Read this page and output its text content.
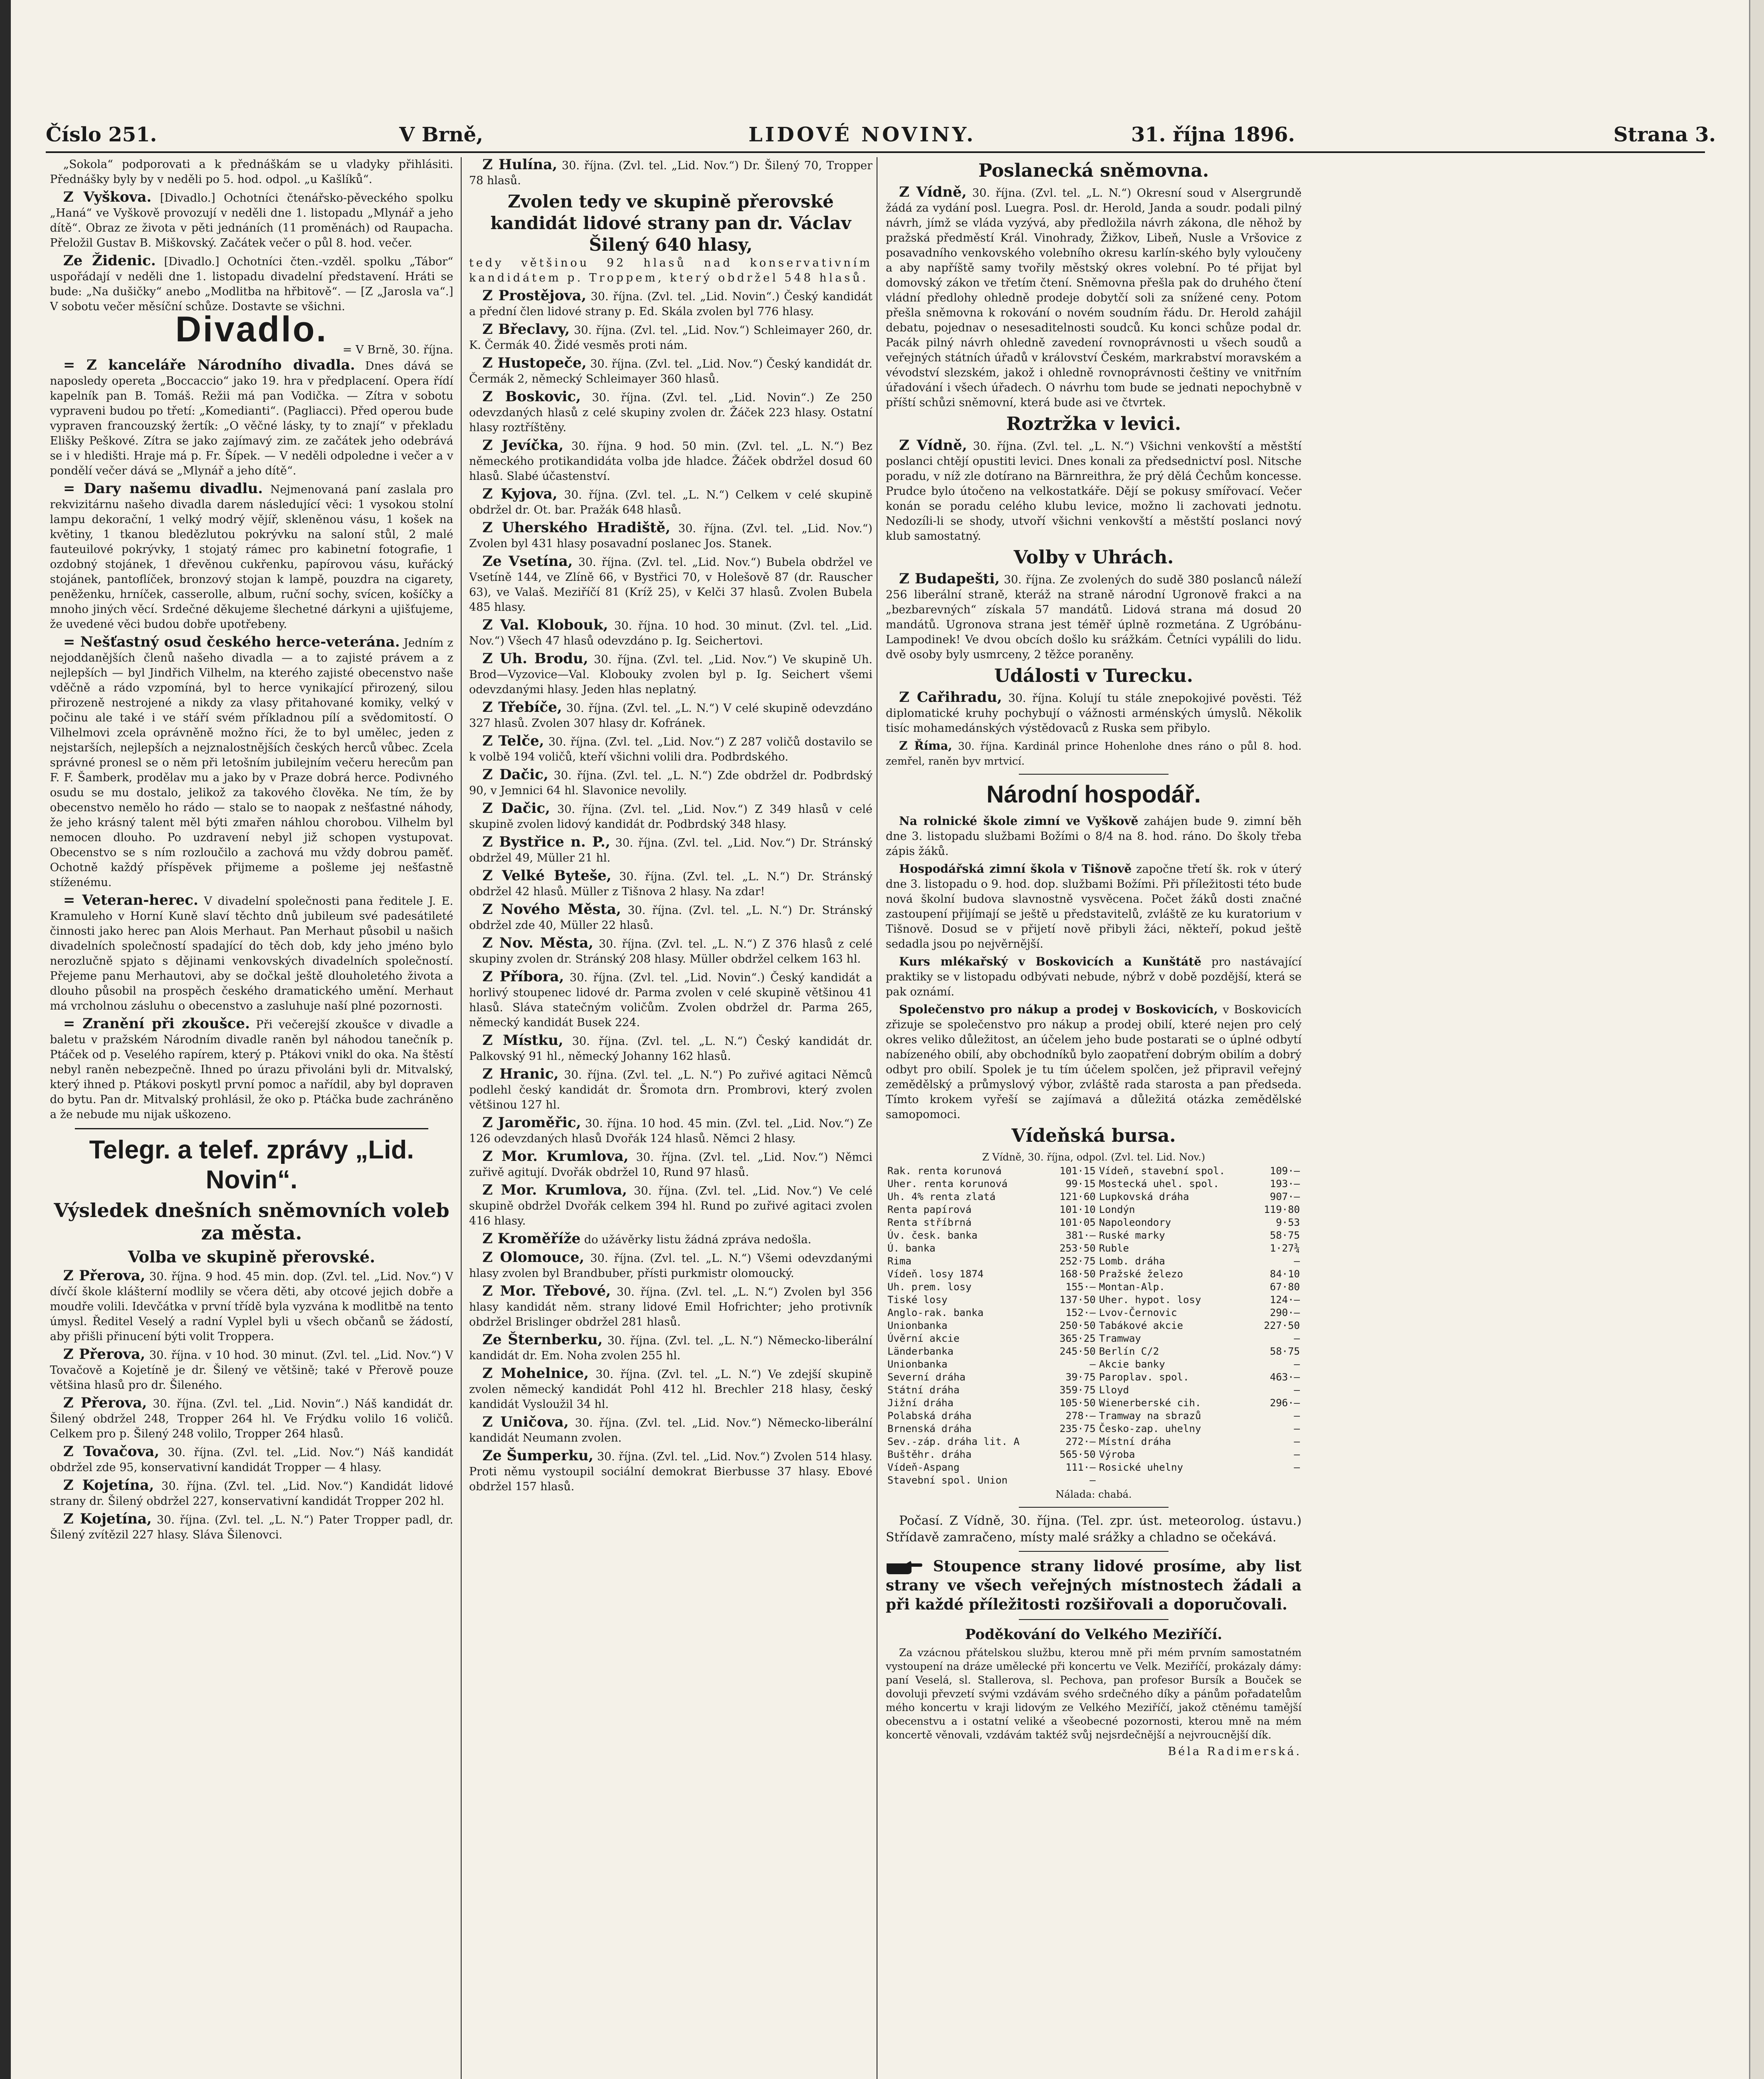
Číslo 251.	V Brně,	LIDOVÉ NOVINY.	31. října 1896.	Strana 3.
„Sokola“ podporovati a k přednáškám se u vladyky přihlásiti. Přednášky byly by v neděli po 5. hod. odpol. „u Kašlíků“.
Z Vyškova. [Divadlo.] Ochotníci čtenářsko-pěveckého spolku „Haná“ ve Vyškově provozují v neděli dne 1. listopadu „Mlynář a jeho dítě“. Obraz ze života v pěti jednáních (11 proměnách) od Raupacha. Přeložil Gustav B. Miškovský. Začátek večer o půl 8. hod. večer.
Ze Židenic. [Divadlo.] Ochotníci čten.-vzděl. spolku „Tábor“ uspořádají v neděli dne 1. listopadu divadelní představení. Hráti se bude: „Na dušičky“ anebo „Modlitba na hřbitově“. — [Z „Jarosla va“.] V sobotu večer měsíční schůze. Dostavte se všichni.
Divadlo.
= V Brně, 30. října.
= Z kanceláře Národního divadla. Dnes dává se naposledy opereta „Boccaccio“ jako 19. hra v předplacení. Opera řídí kapelník pan B. Tomáš. Režii má pan Vodička. — Zítra v sobotu vypraveni budou po třetí: „Komedianti“. (Pagliacci). Před operou bude vypraven francouzský žertík: „O věčné lásky, ty to znají“ v překladu Elišky Peškové. Zítra se jako zajímavý zim. ze začátek jeho odebrává se i v hledišti. Hraje má p. Fr. Šípek. — V neděli odpoledne i večer a v pondělí večer dává se „Mlynář a jeho dítě“.
= Dary našemu divadlu. Nejmenovaná paní zaslala pro rekvizitárnu našeho divadla darem následující věci: 1 vysokou stolní lampu dekorační, 1 velký modrý vějíř, skleněnou vásu, 1 košek na květiny, 1 tkanou bledězlutou pokrývku na saloní stůl, 2 malé fauteuilové pokrývky, 1 stojatý rámec pro kabinetní fotografie, 1 ozdobný stojánek, 1 dřevěnou cukřenku, papírovou vásu, kuřácký stojánek, pantoflíček, bronzový stojan k lampě, pouzdra na cigarety, peněženku, hrníček, casserolle, album, ruční sochy, svícen, košíčky a mnoho jiných věcí. Srdečné děkujeme šlechetné dárkyni a ujišťujeme, že uvedené věci budou dobře upotřebeny.
= Nešťastný osud českého herce-veterána. Jedním z nejoddanějších členů našeho divadla — a to zajisté právem a z nejlepších — byl Jindřich Vilhelm, na kterého zajisté obecenstvo naše vděčně a rádo vzpomíná, byl to herce vynikající přirozený, silou přirozeně nestrojené a nikdy za vlasy přitahované komiky, velký v počinu ale také i ve stáří svém příkladnou pílí a svědomitostí. O Vilhelmovi zcela oprávněně možno říci, že to byl umělec, jeden z nejstarších, nejlepších a nejznalostnějších českých herců vůbec. Zcela správné pronesl se o něm při letošním jubilejním večeru herecům pan F. F. Šamberk, prodělav mu a jako by v Praze dobrá herce. Podivného osudu se mu dostalo, jelikož za takového člověka. Ne tím, že by obecenstvo nemělo ho rádo — stalo se to naopak z nešťastné náhody, že jeho krásný talent měl býti zmařen náhlou chorobou. Vilhelm byl nemocen dlouho. Po uzdravení nebyl již schopen vystupovat. Obecenstvo se s ním rozloučilo a zachová mu vždy dobrou paměť. Ochotně každý příspěvek přijmeme a pošleme jej nešťastně stíženému.
= Veteran-herec. V divadelní společnosti pana ředitele J. E. Kramuleho v Horní Kuně slaví těchto dnů jubileum své padesátileté činnosti jako herec pan Alois Merhaut. Pan Merhaut působil u našich divadelních společností spadající do těch dob, kdy jeho jméno bylo nerozlučně spjato s dějinami venkovských divadelních společností. Přejeme panu Merhautovi, aby se dočkal ještě dlouholetého života a dlouho působil na prospěch českého dramatického umění. Merhaut má vrcholnou zásluhu o obecenstvo a zasluhuje naší plné pozornosti.
= Zranění při zkoušce. Při večerejší zkoušce v divadle a baletu v pražském Národním divadle raněn byl náhodou tanečník p. Ptáček od p. Veselého rapírem, který p. Ptákovi vnikl do oka. Na štěstí nebyl raněn nebezpečně. Ihned po úrazu přivoláni byli dr. Mitvalský, který ihned p. Ptákovi poskytl první pomoc a nařídil, aby byl dopraven do bytu. Pan dr. Mitvalský prohlásil, že oko p. Ptáčka bude zachráněno a že nebude mu nijak uškozeno.
Telegr. a telef. zprávy „Lid. Novin“.
Výsledek dnešních sněmovních voleb za města.
Volba ve skupině přerovské.
Z Přerova, 30. října. 9 hod. 45 min. dop. (Zvl. tel. „Lid. Nov.“) V dívčí škole klášterní modlily se včera děti, aby otcové jejich dobře a moudře volili. Idevčátka v první třídě byla vyzvána k modlitbě na tento úmysl. Ředitel Veselý a radní Vyplel byli u všech občanů se žádostí, aby přišli přinucení býti volit Troppera.
Z Přerova, 30. října. v 10 hod. 30 minut. (Zvl. tel. „Lid. Nov.“) V Tovačově a Kojetíně je dr. Šilený ve většině; také v Přerově pouze většina hlasů pro dr. Šileného.
Z Přerova, 30. října. (Zvl. tel. „Lid. Novin“.) Náš kandidát dr. Šilený obdržel 248, Tropper 264 hl. Ve Frýdku volilo 16 voličů. Celkem pro p. Šilený 248 volilo, Tropper 264 hlasů.
Z Tovačova, 30. října. (Zvl. tel. „Lid. Nov.“) Náš kandidát obdržel zde 95, konservativní kandidát Tropper — 4 hlasy.
Z Kojetína, 30. října. (Zvl. tel. „Lid. Nov.“) Kandidát lidové strany dr. Šilený obdržel 227, konservativní kandidát Tropper 202 hl.
Z Kojetína, 30. října. (Zvl. tel. „L. N.“) Pater Tropper padl, dr. Šilený zvítězil 227 hlasy. Sláva Šilenovci.
Z Hulína, 30. října. (Zvl. tel. „Lid. Nov.“) Dr. Šilený 70, Tropper 78 hlasů.
Zvolen tedy ve skupině přerovské kandidát lidové strany pan dr. Václav Šilený 640 hlasy,
tedy většinou 92 hlasů nad konservativním kandidátem p. Troppem, který obdržel 548 hlasů.
Z Prostějova, 30. října. (Zvl. tel. „Lid. Novin“.) Český kandidát a přední člen lidové strany p. Ed. Skála zvolen byl 776 hlasy.
Z Břeclavy, 30. října. (Zvl. tel. „Lid. Nov.“) Schleimayer 260, dr. K. Čermák 40. Židé vesměs proti nám.
Z Hustopeče, 30. října. (Zvl. tel. „Lid. Nov.“) Český kandidát dr. Čermák 2, německý Schleimayer 360 hlasů.
Z Boskovic, 30. října. (Zvl. tel. „Lid. Novin“.) Ze 250 odevzdaných hlasů z celé skupiny zvolen dr. Žáček 223 hlasy. Ostatní hlasy roztříštěny.
Z Jevíčka, 30. října. 9 hod. 50 min. (Zvl. tel. „L. N.“) Bez německého protikandidáta volba jde hladce. Žáček obdržel dosud 60 hlasů. Slabé účastenství.
Z Kyjova, 30. října. (Zvl. tel. „L. N.“) Celkem v celé skupině obdržel dr. Ot. bar. Pražák 648 hlasů.
Z Uherského Hradiště, 30. října. (Zvl. tel. „Lid. Nov.“) Zvolen byl 431 hlasy posavadní poslanec Jos. Stanek.
Ze Vsetína, 30. října. (Zvl. tel. „Lid. Nov.“) Bubela obdržel ve Vsetíně 144, ve Zlíně 66, v Bystřici 70, v Holešově 87 (dr. Rauscher 63), ve Valaš. Meziříčí 81 (Kríž 25), v Kelči 37 hlasů. Zvolen Bubela 485 hlasy.
Z Val. Klobouk, 30. října. 10 hod. 30 minut. (Zvl. tel. „Lid. Nov.“) Všech 47 hlasů odevzdáno p. Ig. Seichertovi.
Z Uh. Brodu, 30. října. (Zvl. tel. „Lid. Nov.“) Ve skupině Uh. Brod—Vyzovice—Val. Klobouky zvolen byl p. Ig. Seichert všemi odevzdanými hlasy. Jeden hlas neplatný.
Z Třebíče, 30. října. (Zvl. tel. „L. N.“) V celé skupině odevzdáno 327 hlasů. Zvolen 307 hlasy dr. Kofránek.
Z Telče, 30. října. (Zvl. tel. „Lid. Nov.“) Z 287 voličů dostavilo se k volbě 194 voličů, kteří všichni volili dra. Podbrdského.
Z Dačic, 30. října. (Zvl. tel. „L. N.“) Zde obdržel dr. Podbrdský 90, v Jemnici 64 hl. Slavonice nevolily.
Z Dačic, 30. října. (Zvl. tel. „Lid. Nov.“) Z 349 hlasů v celé skupině zvolen lidový kandidát dr. Podbrdský 348 hlasy.
Z Bystřice n. P., 30. října. (Zvl. tel. „Lid. Nov.“) Dr. Stránský obdržel 49, Müller 21 hl.
Z Velké Byteše, 30. října. (Zvl. tel. „L. N.“) Dr. Stránský obdržel 42 hlasů. Müller z Tišnova 2 hlasy. Na zdar!
Z Nového Města, 30. října. (Zvl. tel. „L. N.“) Dr. Stránský obdržel zde 40, Müller 22 hlasů.
Z Nov. Města, 30. října. (Zvl. tel. „L. N.“) Z 376 hlasů z celé skupiny zvolen dr. Stránský 208 hlasy. Müller obdržel celkem 163 hl.
Z Příbora, 30. října. (Zvl. tel. „Lid. Novin“.) Český kandidát a horlivý stoupenec lidové dr. Parma zvolen v celé skupině většinou 41 hlasů. Sláva statečným voličům. Zvolen obdržel dr. Parma 265, německý kandidát Busek 224.
Z Místku, 30. října. (Zvl. tel. „L. N.“) Český kandidát dr. Palkovský 91 hl., německý Johanny 162 hlasů.
Z Hranic, 30. října. (Zvl. tel. „L. N.“) Po zuřivé agitaci Němců podlehl český kandidát dr. Šromota drn. Prombrovi, který zvolen většinou 127 hl.
Z Jaroměřic, 30. října. 10 hod. 45 min. (Zvl. tel. „Lid. Nov.“) Ze 126 odevzdaných hlasů Dvořák 124 hlasů. Němci 2 hlasy.
Z Mor. Krumlova, 30. října. (Zvl. tel. „Lid. Nov.“) Němci zuřivě agitují. Dvořák obdržel 10, Rund 97 hlasů.
Z Mor. Krumlova, 30. října. (Zvl. tel. „Lid. Nov.“) Ve celé skupině obdržel Dvořák celkem 394 hl. Rund po zuřivé agitaci zvolen 416 hlasy.
Z Kroměříže do užávěrky listu žádná zpráva nedošla.
Z Olomouce, 30. října. (Zvl. tel. „L. N.“) Všemi odevzdanými hlasy zvolen byl Brandbuber, přísti purkmistr olomoucký.
Z Mor. Třebové, 30. října. (Zvl. tel. „L. N.“) Zvolen byl 356 hlasy kandidát něm. strany lidové Emil Hofrichter; jeho protivník obdržel Brislinger obdržel 281 hlasů.
Ze Šternberku, 30. října. (Zvl. tel. „L. N.“) Německo-liberální kandidát dr. Em. Noha zvolen 255 hl.
Z Mohelnice, 30. října. (Zvl. tel. „L. N.“) Ve zdejší skupině zvolen německý kandidát Pohl 412 hl. Brechler 218 hlasy, český kandidát Vysloužil 34 hl.
Z Uničova, 30. října. (Zvl. tel. „Lid. Nov.“) Německo-liberální kandidát Neumann zvolen.
Ze Šumperku, 30. října. (Zvl. tel. „Lid. Nov.“) Zvolen 514 hlasy. Proti němu vystoupil sociální demokrat Bierbusse 37 hlasy. Ebové obdržel 157 hlasů.
Poslanecká sněmovna.
Z Vídně, 30. října. (Zvl. tel. „L. N.“) Okresní soud v Alsergrundě žádá za vydání posl. Luegra. Posl. dr. Herold, Janda a soudr. podali pilný návrh, jímž se vláda vyzývá, aby předložila návrh zákona, dle něhož by pražská předměstí Král. Vinohrady, Žižkov, Libeň, Nusle a Vršovice z posavadního venkovského volebního okresu karlín-ského byly vyloučeny a aby napříště samy tvořily městský okres volební. Po té přijat byl domovský zákon ve třetím čtení. Sněmovna přešla pak do druhého čtení vládní předlohy ohledně prodeje dobytčí soli za snížené ceny. Potom přešla sněmovna k rokování o novém soudním řádu. Dr. Herold zahájil debatu, pojednav o nesesaditelnosti soudců. Ku konci schůze podal dr. Pacák pilný návrh ohledně zavedení rovnoprávnosti u všech soudů a veřejných státních úřadů v království Českém, markrabství moravském a vévodství slezském, jakož i ohledně rovnoprávnosti češtiny ve vnitřním úřadování i všech úřadech. O návrhu tom bude se jednati nepochybně v příští schůzi sněmovní, která bude asi ve čtvrtek.
Roztržka v levici.
Z Vídně, 30. října. (Zvl. tel. „L. N.“) Všichni venkovští a městští poslanci chtějí opustiti levici. Dnes konali za předsednictví posl. Nitsche poradu, v níž zle dotírano na Bärnreithra, že prý dělá Čechům koncesse. Prudce bylo útočeno na velkostatkáře. Dějí se pokusy smířovací. Večer konán se poradu celého klubu levice, možno li zachovati jednotu. Nedozíli-li se shody, utvoří všichni venkovští a městští poslanci nový klub samostatný.
Volby v Uhrách.
Z Budapešti, 30. října. Ze zvolených do sudě 380 poslanců náleží 256 liberální straně, kteráž na straně národní Ugronově frakci a na „bezbarevných“ získala 57 mandátů. Lidová strana má dosud 20 mandátů. Ugronova strana jest téměř úplně rozmetána. Z Ugróbánu-Lampodinek! Ve dvou obcích došlo ku srážkám. Četníci vypálili do lidu. dvě osoby byly usmrceny, 2 těžce poraněny.
Události v Turecku.
Z Cařihradu, 30. října. Kolují tu stále znepokojivé pověsti. Též diplomatické kruhy pochybují o vážnosti arménských úmyslů. Několik tisíc mohamedánských výstědovaců z Ruska sem přibylo.
Z Říma, 30. října. Kardinál prince Hohenlohe dnes ráno o půl 8. hod. zemřel, raněn byv mrtvicí.
Národní hospodář.
Na rolnické škole zimní ve Vyškově zahájen bude 9. zimní běh dne 3. listopadu službami Božími o 8/4 na 8. hod. ráno. Do školy třeba zápis žáků.
Hospodářská zimní škola v Tišnově započne třetí šk. rok v úterý dne 3. listopadu o 9. hod. dop. službami Božími. Při příležitosti této bude nová školní budova slavnostně vysvěcena. Počet žáků dosti značné zastoupení přijímají se ještě u představitelů, zvláště ze ku kuratorium v Tišnově. Dosud se v přijetí nově přibyli žáci, někteří, pokud ještě sedadla jsou po nejvěrnější.
Kurs mlékařský v Boskovicích a Kunštátě pro nastávající praktiky se v listopadu odbývati nebude, nýbrž v době pozdější, která se pak oznámí.
Společenstvo pro nákup a prodej v Boskovicích, v Boskovicích zřizuje se společenstvo pro nákup a prodej obilí, které nejen pro celý okres veliko důležitost, an účelem jeho bude postarati se o úplné odbytí nabízeného obilí, aby obchodníků bylo zaopatření dobrým obilím a dobrý odbyt pro obilí. Spolek je tu tím účelem spolčen, jež připravil veřejný zemědělský a průmyslový výbor, zvláště rada starosta a pan předseda. Tímto krokem vyřeší se zajímavá a důležitá otázka zemědělské samopomoci.
Vídeňská bursa.
Z Vídně, 30. října, odpol. (Zvl. tel. Lid. Nov.)
Rak. renta korunová	101·15	Vídeň, stavební spol.	109·—
Uher. renta korunová	99·15	Mostecká uhel. spol.	193·—
Uh. 4% renta zlatá	121·60	Lupkovská dráha	907·—
Renta papírová	101·10	Londýn	119·80
Renta stříbrná	101·05	Napoleondory	9·53
Úv. česk. banka	381·—	Ruské marky	58·75
Ú. banka	253·50	Ruble	1·27¾
Rima	252·75	Lomb. dráha	—
Vídeň. losy 1874	168·50	Pražské železo	84·10
Uh. prem. losy	155·—	Montan-Alp.	67·80
Tiské losy	137·50	Uher. hypot. losy	124·—
Anglo-rak. banka	152·—	Lvov-Černovic	290·—
Unionbanka	250·50	Tabákové akcie	227·50
Úvěrní akcie	365·25	Tramway	—
Länderbanka	245·50	Berlín C/2	58·75
Unionbanka	—	Akcie banky	—
Severní dráha	39·75	Paroplav. spol.	463·—
Státní dráha	359·75	Lloyd	—
Jižní dráha	105·50	Wienerberské cih.	296·—
Polabská dráha	278·—	Tramway na sbrazů	—
Brnenská dráha	235·75	Česko-zap. uhelny	—
Sev.-záp. dráha lit. A	272·—	Místní dráha	—
Buštěhr. dráha	565·50	Výroba	—
Vídeň-Aspang	111·—	Rosické uhelny	—
Stavební spol. Union	—		
Nálada: chabá.
Počasí. Z Vídně, 30. října. (Tel. zpr. úst. meteorolog. ústavu.) Střídavě zamračeno, místy malé srážky a chladno se očekává.
Stoupence strany lidové prosíme, aby list strany ve všech veřejných místnostech žádali a při každé příležitosti rozšiřovali a doporučovali.
Poděkování do Velkého Meziříčí.
Za vzácnou přátelskou službu, kterou mně při mém prvním samostatném vystoupení na dráze umělecké při koncertu ve Velk. Meziříčí, prokázaly dámy: paní Veselá, sl. Stallerova, sl. Pechova, pan profesor Bursík a Bouček se dovoluji převzetí svými vzdávám svého srdečného díky a pánům pořadatelům mého koncertu v kraji lidovým ze Velkého Meziříčí, jakož ctěnému tamější obecenstvu a i ostatní veliké a všeobecné pozornosti, kterou mně na mém koncertě věnovali, vzdávám taktéž svůj nejsrdečnější a nejvroucnější dík.
Béla Radimerská.
